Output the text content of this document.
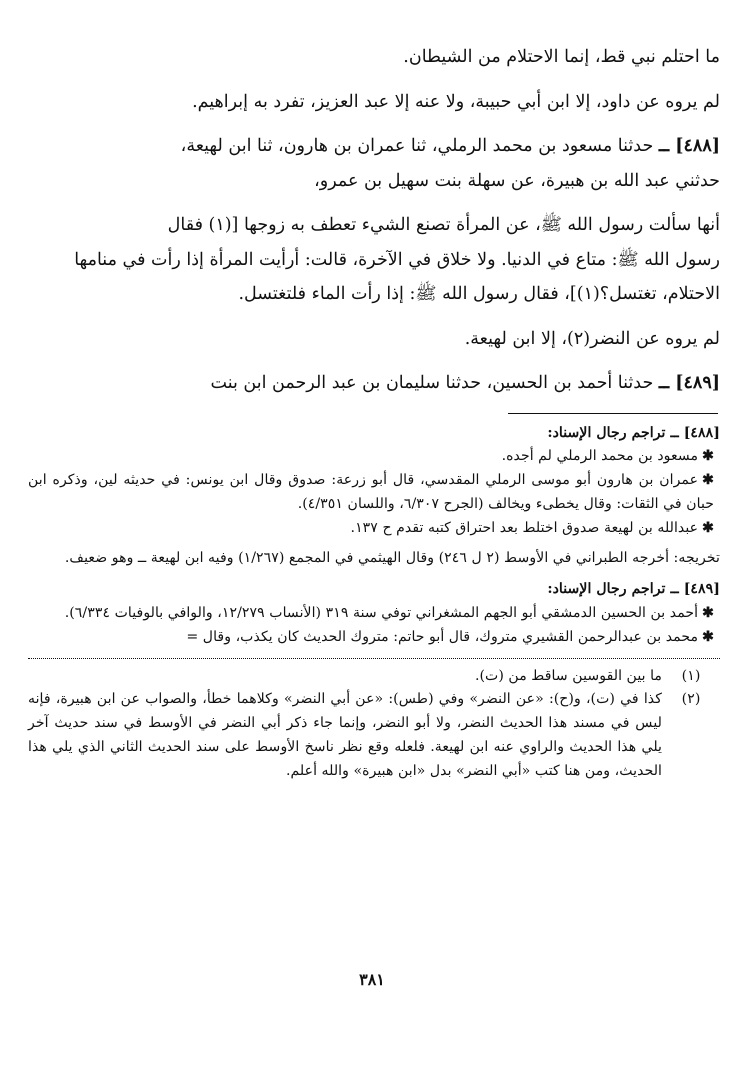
ما احتلم نبي قط، إنما الاحتلام من الشيطان.

لم يروه عن داود، إلا ابن أبي حبيبة، ولا عنه إلا عبد العزيز، تفرد به إبراهيم.

[٤٨٨] ــ حدثنا مسعود بن محمد الرملي، ثنا عمران بن هارون، ثنا ابن لهيعة،

حدثني عبد الله بن هبيرة، عن سهلة بنت سهيل بن عمرو،

أنها سألت رسول الله ﷺ، عن المرأة تصنع الشيء تعطف به زوجها [(١) فقال

رسول الله ﷺ: متاع في الدنيا. ولا خلاق في الآخرة، قالت: أرأيت المرأة إذا رأت في منامها

الاحتلام، تغتسل؟(١)]، فقال رسول الله ﷺ: إذا رأت الماء فلتغتسل.

لم يروه عن النضر(٢)، إلا ابن لهيعة.

[٤٨٩] ــ حدثنا أحمد بن الحسين، حدثنا سليمان بن عبد الرحمن ابن بنت

[٤٨٨] ــ تراجم رجال الإسناد:

✱مسعود بن محمد الرملي لم أجده.

✱عمران بن هارون أبو موسى الرملي المقدسي، قال أبو زرعة: صدوق وقال ابن يونس: في حديثه لين، وذكره ابن حبان في الثقات: وقال يخطىء ويخالف (الجرح ٦/٣٠٧، واللسان ٤/٣٥١).

✱عبدالله بن لهيعة صدوق اختلط بعد احتراق كتبه تقدم ح ١٣٧.

تخريجه: أخرجه الطبراني في الأوسط (٢ ل ٢٤٦) وقال الهيثمي في المجمع (١/٢٦٧) وفيه ابن لهيعة ــ وهو ضعيف.

[٤٨٩] ــ تراجم رجال الإسناد:

✱أحمد بن الحسين الدمشقي أبو الجهم المشغراني توفي سنة ٣١٩ (الأنساب ١٢/٢٧٩، والوافي بالوفيات ٦/٣٣٤).

✱محمد بن عبدالرحمن القشيري متروك، قال أبو حاتم: متروك الحديث كان يكذب، وقال =

(١)
ما بين القوسين ساقط من (ت).
(٢)
كذا في (ت)، و(ح): «عن النضر» وفي (طس): «عن أبي النضر» وكلاهما خطأ، والصواب عن ابن هبيرة، فإنه ليس في مسند هذا الحديث النضر، ولا أبو النضر، وإنما جاء ذكر أبي النضر في الأوسط في سند حديث آخر يلي هذا الحديث والراوي عنه ابن لهيعة. فلعله وقع نظر ناسخ الأوسط على سند الحديث الثاني الذي يلي هذا الحديث، ومن هنا كتب «أبي النضر» بدل «ابن هبيرة» والله أعلم.
٣٨١
